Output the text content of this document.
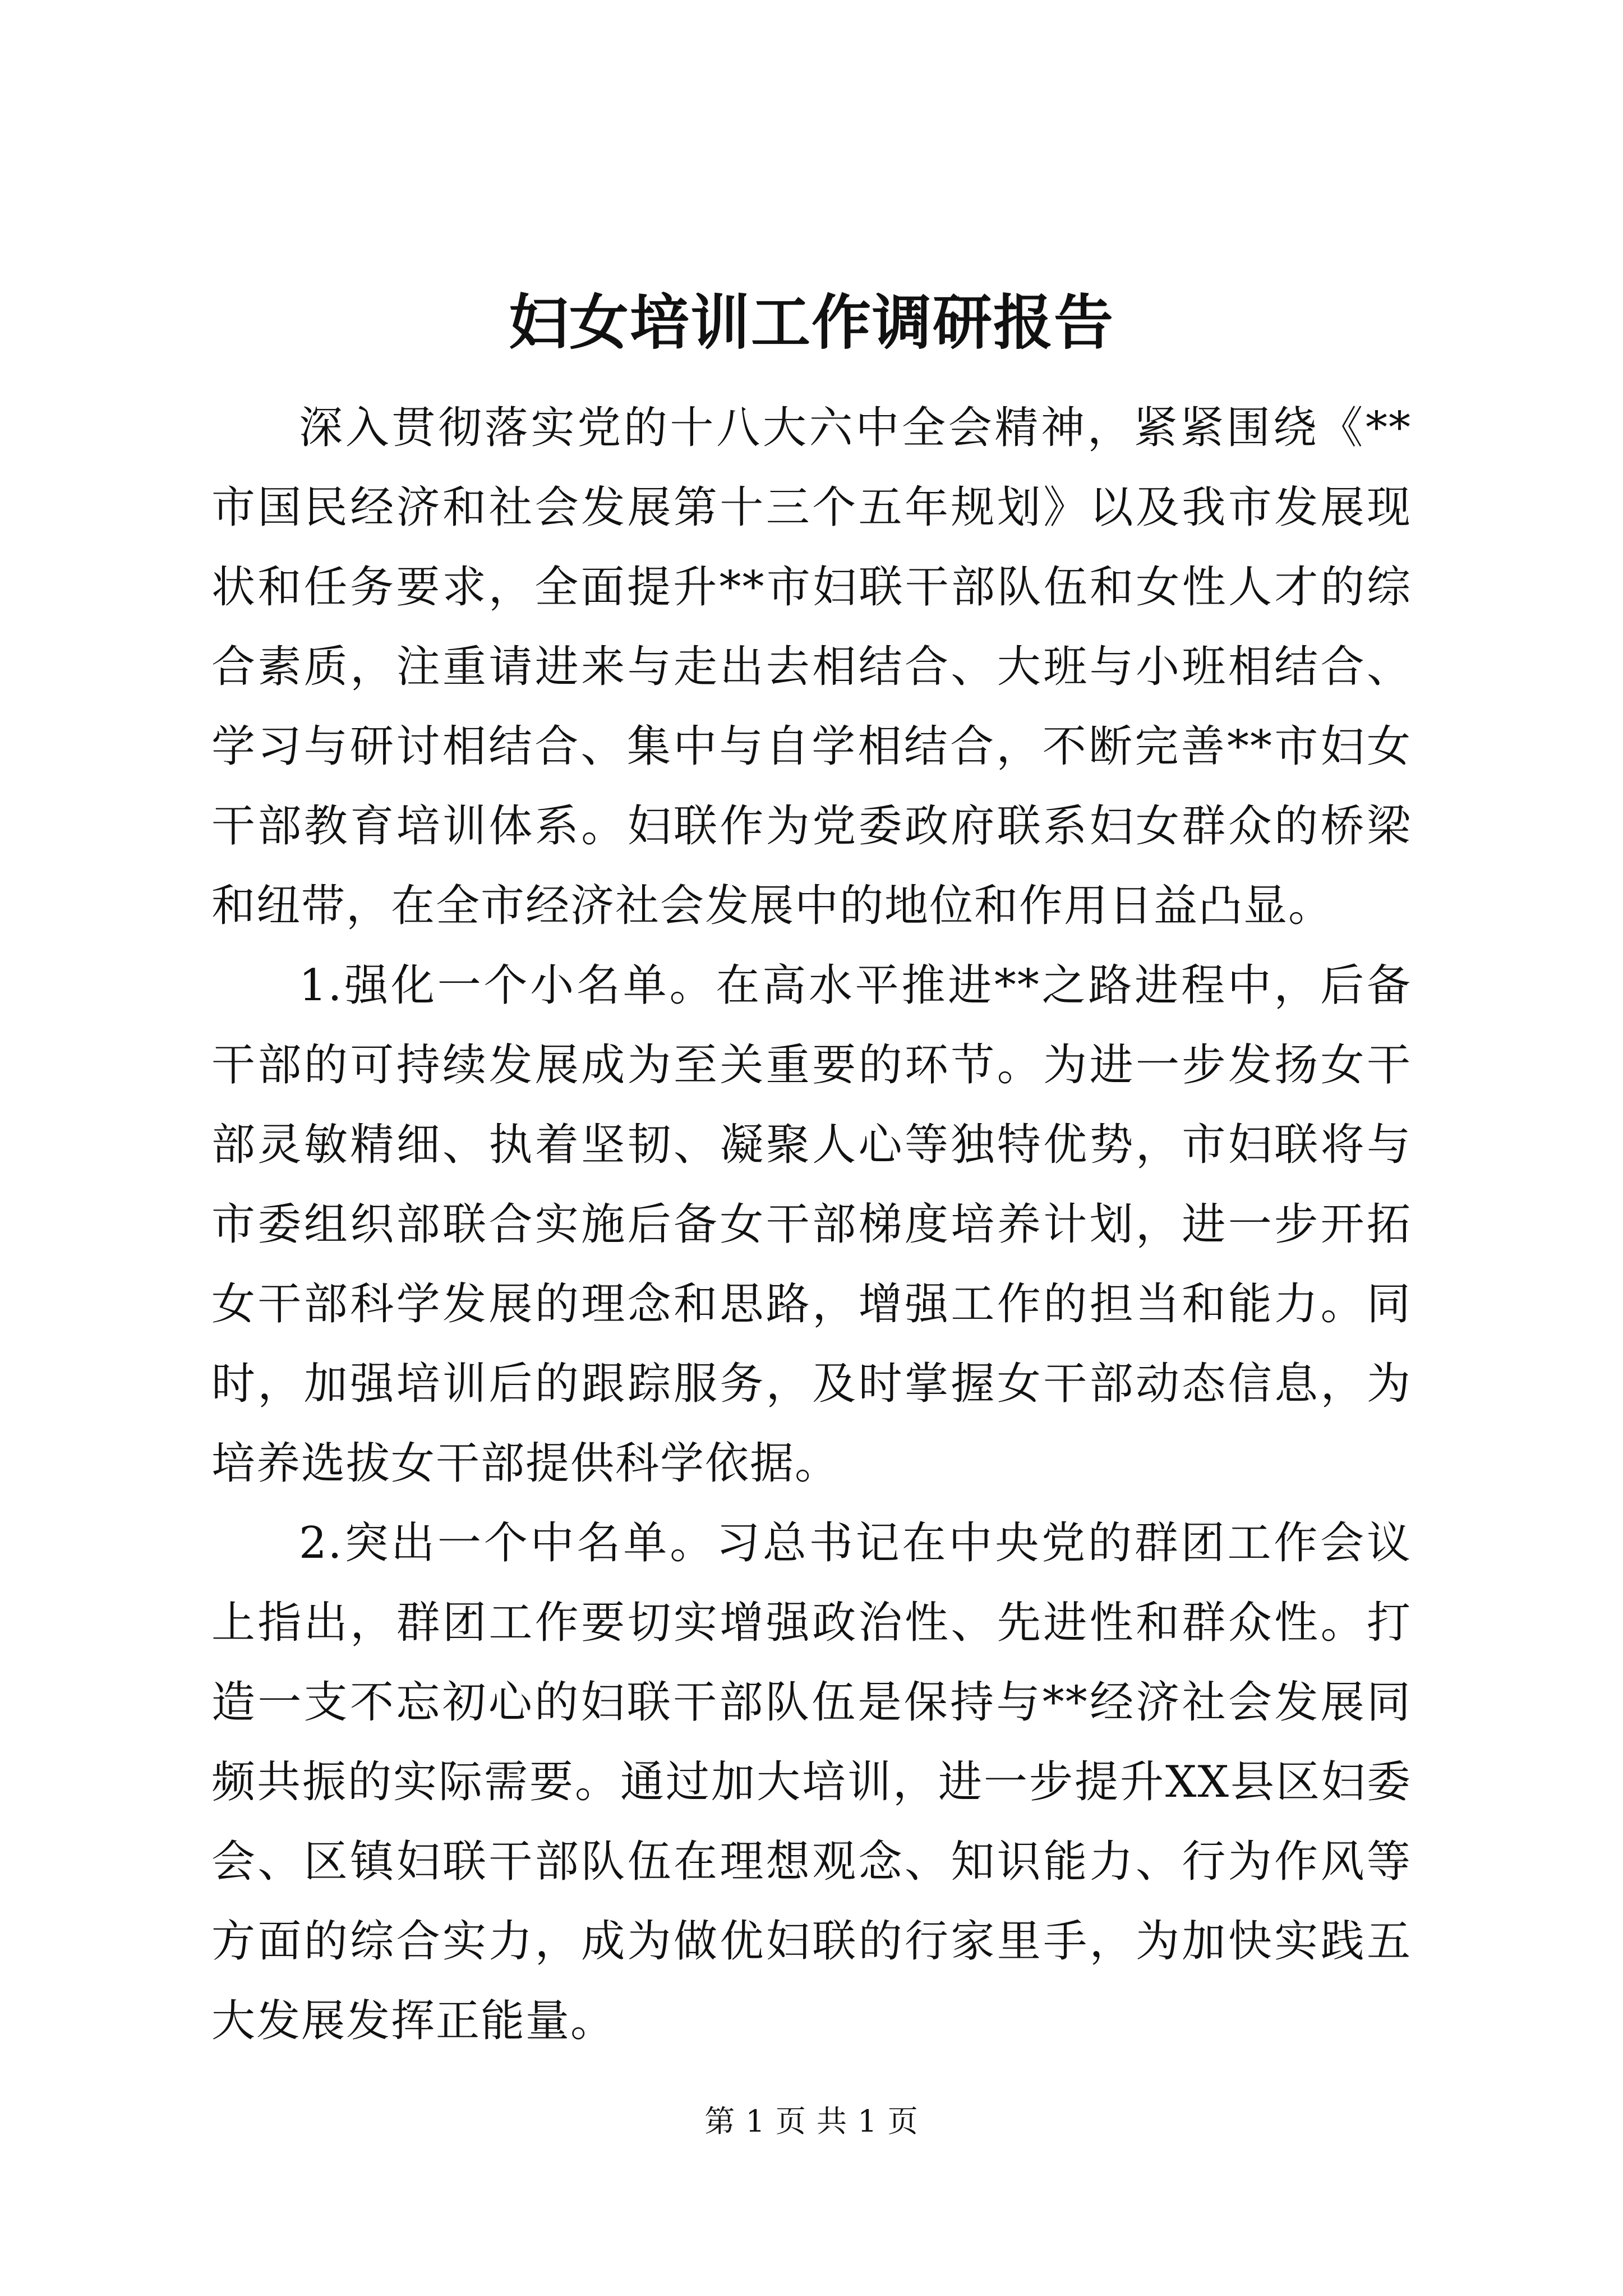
妇女培训工作调研报告

深入贯彻落实党的十八大六中全会精神，紧紧围绕《**市国民经济和社会发展第十三个五年规划》以及我市发展现状和任务要求，全面提升**市妇联干部队伍和女性人才的综合素质，注重请进来与走出去相结合、大班与小班相结合、学习与研讨相结合、集中与自学相结合，不断完善**市妇女干部教育培训体系。妇联作为党委政府联系妇女群众的桥梁和纽带，在全市经济社会发展中的地位和作用日益凸显。

1.强化一个小名单。在高水平推进**之路进程中，后备干部的可持续发展成为至关重要的环节。为进一步发扬女干部灵敏精细、执着坚韧、凝聚人心等独特优势，市妇联将与市委组织部联合实施后备女干部梯度培养计划，进一步开拓女干部科学发展的理念和思路，增强工作的担当和能力。同时，加强培训后的跟踪服务，及时掌握女干部动态信息，为培养选拔女干部提供科学依据。

2.突出一个中名单。习总书记在中央党的群团工作会议上指出，群团工作要切实增强政治性、先进性和群众性。打造一支不忘初心的妇联干部队伍是保持与**经济社会发展同频共振的实际需要。通过加大培训，进一步提升XX县区妇委会、区镇妇联干部队伍在理想观念、知识能力、行为作风等方面的综合实力，成为做优妇联的行家里手，为加快实践五大发展发挥正能量。

第 1 页 共 1 页
